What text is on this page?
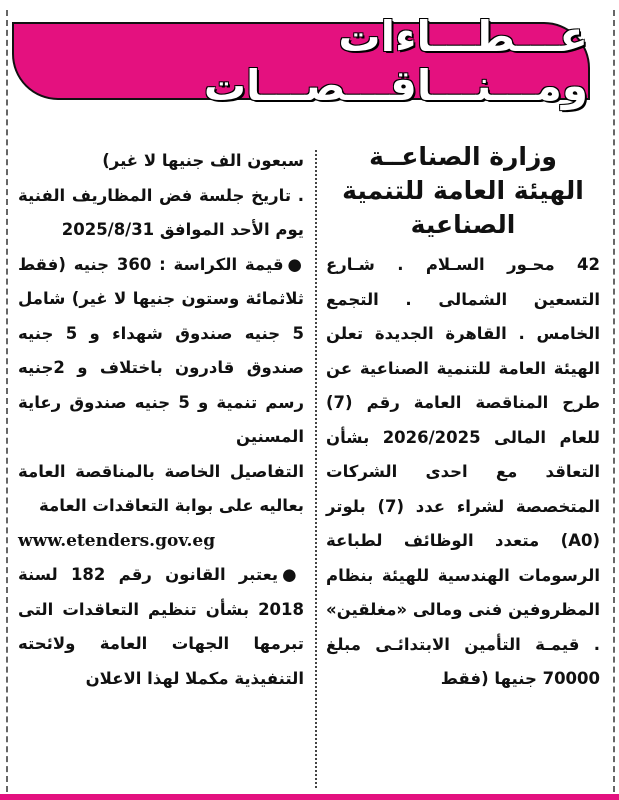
عـــطـــاءات ومـــنـــاقـــصـــات
وزارة الصناعــة
الهيئة العامة للتنمية
الصناعية

42 محـور السـلام . شـارع التسعين الشمالى . التجمع الخامس . القاهرة الجديدة تعلن الهيئة العامة للتنمية الصناعية عن طرح المناقصة العامة رقم (7) للعام المالى 2026/2025 بشأن التعاقد مع احدى الشركات المتخصصة لشراء عدد (7) بلوتر (A0) متعدد الوظائف لطباعة الرسومات الهندسية للهيئة بنظام المظروفين فنى ومالى «مغلقين»

. قيمـة التأمين الابتدائـى مبلغ 70000 جنيها (فقط

سبعون الف جنيها لا غير)

. تاريخ جلسة فض المظاريف الفنية يوم الأحد الموافق 2025/8/31

●قيمة الكراسة : 360 جنيه (فقط ثلاثمائة وستون جنيها لا غير) شامل 5 جنيه صندوق شهداء و 5 جنيه صندوق قادرون باختلاف و 2جنيه رسم تنمية و 5 جنيه صندوق رعاية المسنين

التفاصيل الخاصة بالمناقصة العامة بعاليه على بوابة التعاقدات العامة

www.etenders.gov.eg

●يعتبر القانون رقم 182 لسنة 2018 بشأن تنظيم التعاقدات التى تبرمها الجهات العامة ولائحته التنفيذية مكملا لهذا الاعلان
